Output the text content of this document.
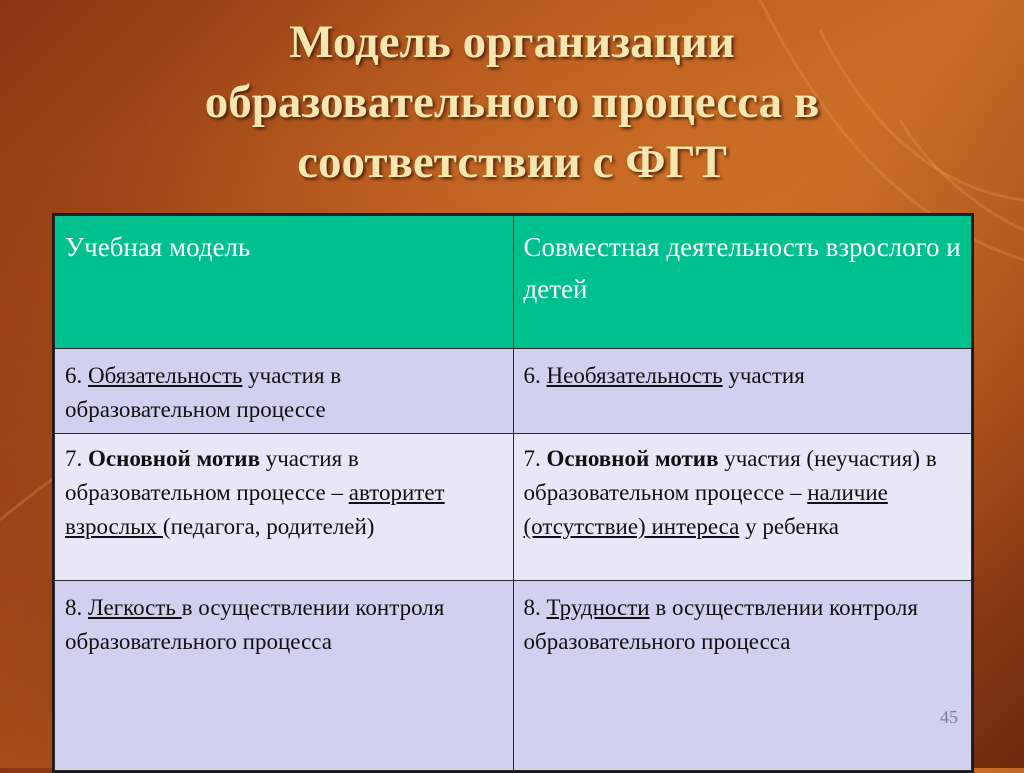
Модель организации
образовательного процесса в
соответствии с ФГТ
Учебная модель	Совместная деятельность взрослого и детей
6. Обязательность участия в образовательном процессе	6. Необязательность участия
7. Основной мотив участия в образовательном процессе – авторитет взрослых (педагога, родителей)	7. Основной мотив участия (неучастия) в образовательном процессе – наличие (отсутствие) интереса у ребенка
8. Легкость в осуществлении контроля образовательного процесса	8. Трудности в осуществлении контроля образовательного процесса
45
